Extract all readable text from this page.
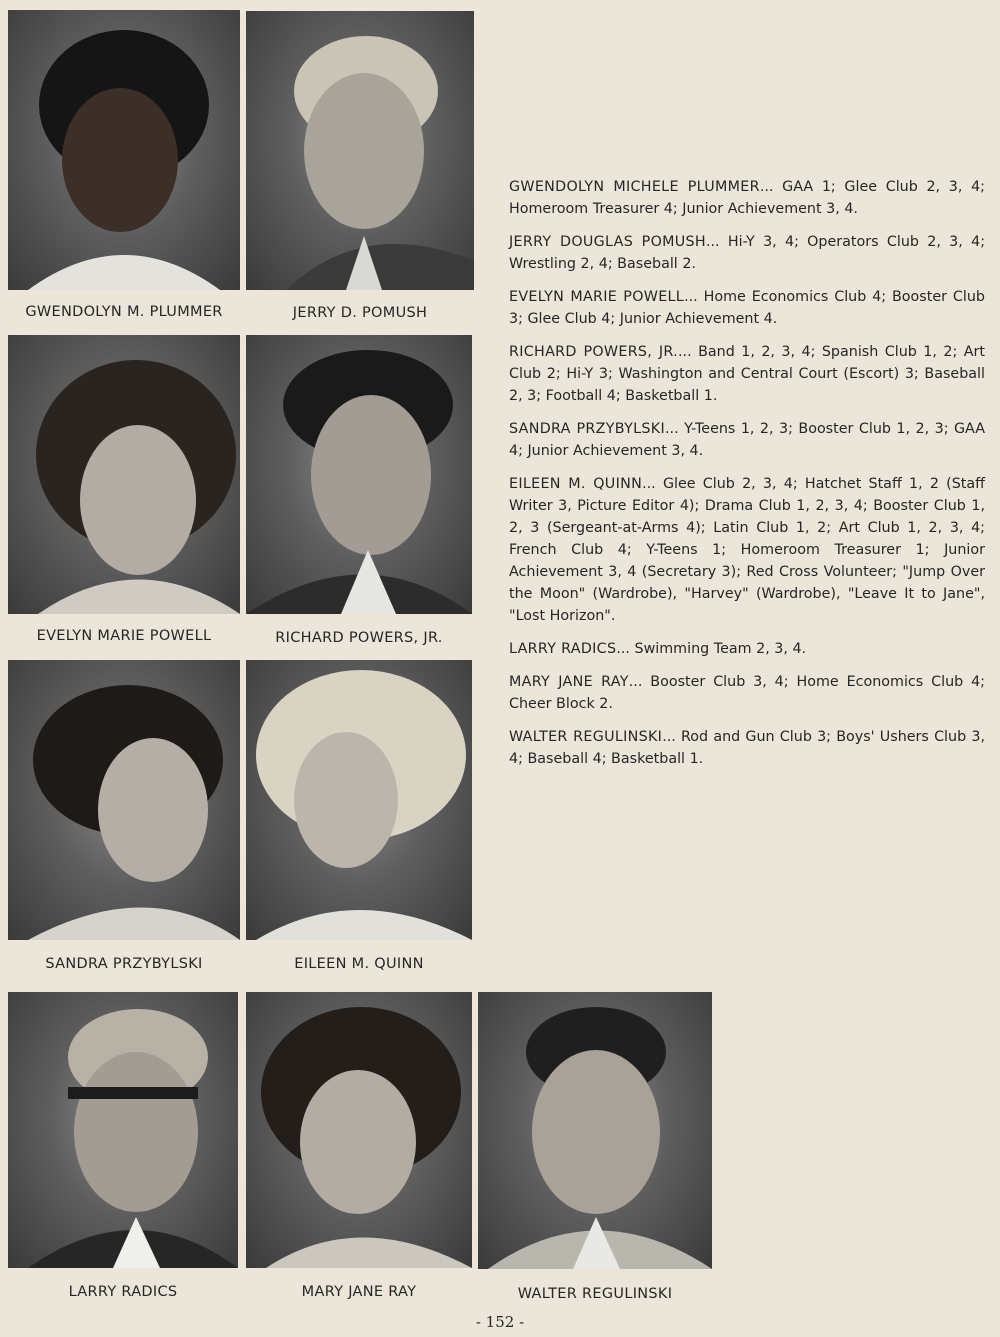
GWENDOLYN M. PLUMMER	JERRY D. POMUSH
EVELYN MARIE POWELL	RICHARD POWERS, JR.
SANDRA PRZYBYLSKI	EILEEN M. QUINN
LARRY RADICS	MARY JANE RAY	WALTER REGULINSKI

GWENDOLYN MICHELE PLUMMER... GAA 1; Glee Club 2, 3, 4; Homeroom Treasurer 4; Junior Achievement 3, 4.

JERRY DOUGLAS POMUSH... Hi-Y 3, 4; Operators Club 2, 3, 4; Wrestling 2, 4; Baseball 2.

EVELYN MARIE POWELL... Home Economics Club 4; Booster Club 3; Glee Club 4; Junior Achievement 4.

RICHARD POWERS, JR.... Band 1, 2, 3, 4; Spanish Club 1, 2; Art Club 2; Hi-Y 3; Washington and Central Court (Escort) 3; Baseball 2, 3; Football 4; Basketball 1.

SANDRA PRZYBYLSKI... Y-Teens 1, 2, 3; Booster Club 1, 2, 3; GAA 4; Junior Achievement 3, 4.

EILEEN M. QUINN... Glee Club 2, 3, 4; Hatchet Staff 1, 2 (Staff Writer 3, Picture Editor 4); Drama Club 1, 2, 3, 4; Booster Club 1, 2, 3 (Sergeant-at-Arms 4); Latin Club 1, 2; Art Club 1, 2, 3, 4; French Club 4; Y-Teens 1; Homeroom Treasurer 1; Junior Achievement 3, 4 (Secretary 3); Red Cross Volunteer; "Jump Over the Moon" (Wardrobe), "Harvey" (Wardrobe), "Leave It to Jane", "Lost Horizon".

LARRY RADICS... Swimming Team 2, 3, 4.

MARY JANE RAY... Booster Club 3, 4; Home Economics Club 4; Cheer Block 2.

WALTER REGULINSKI... Rod and Gun Club 3; Boys' Ushers Club 3, 4; Baseball 4; Basketball 1.

- 152 -
